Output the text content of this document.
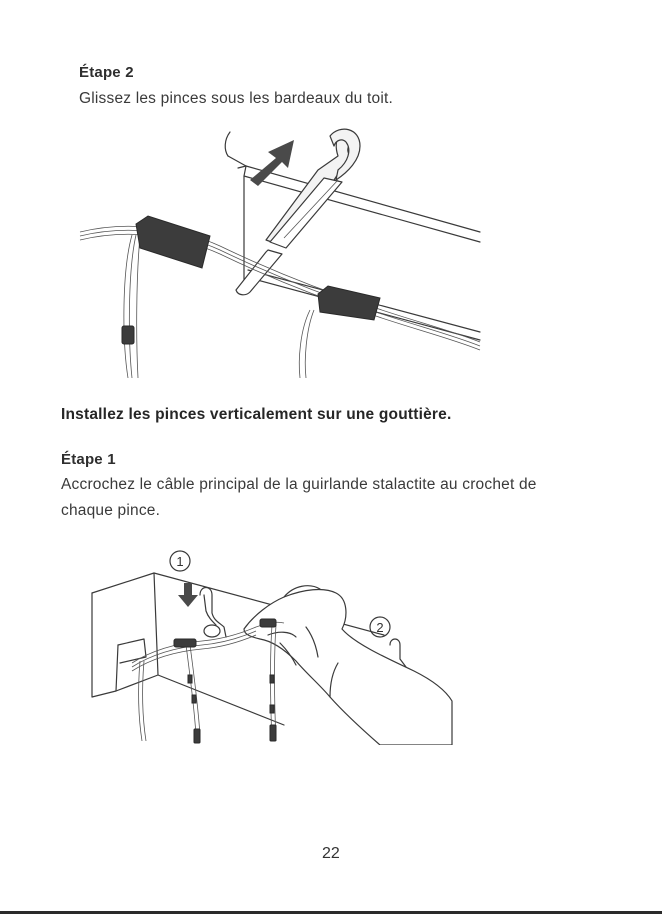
Étape 2
Glissez les pinces sous les bardeaux du toit.
Installez les pinces verticalement sur une gouttière.
Étape 1
Accrochez le câble principal de la guirlande stalactite au crochet de
chaque pince.
1
2
22
